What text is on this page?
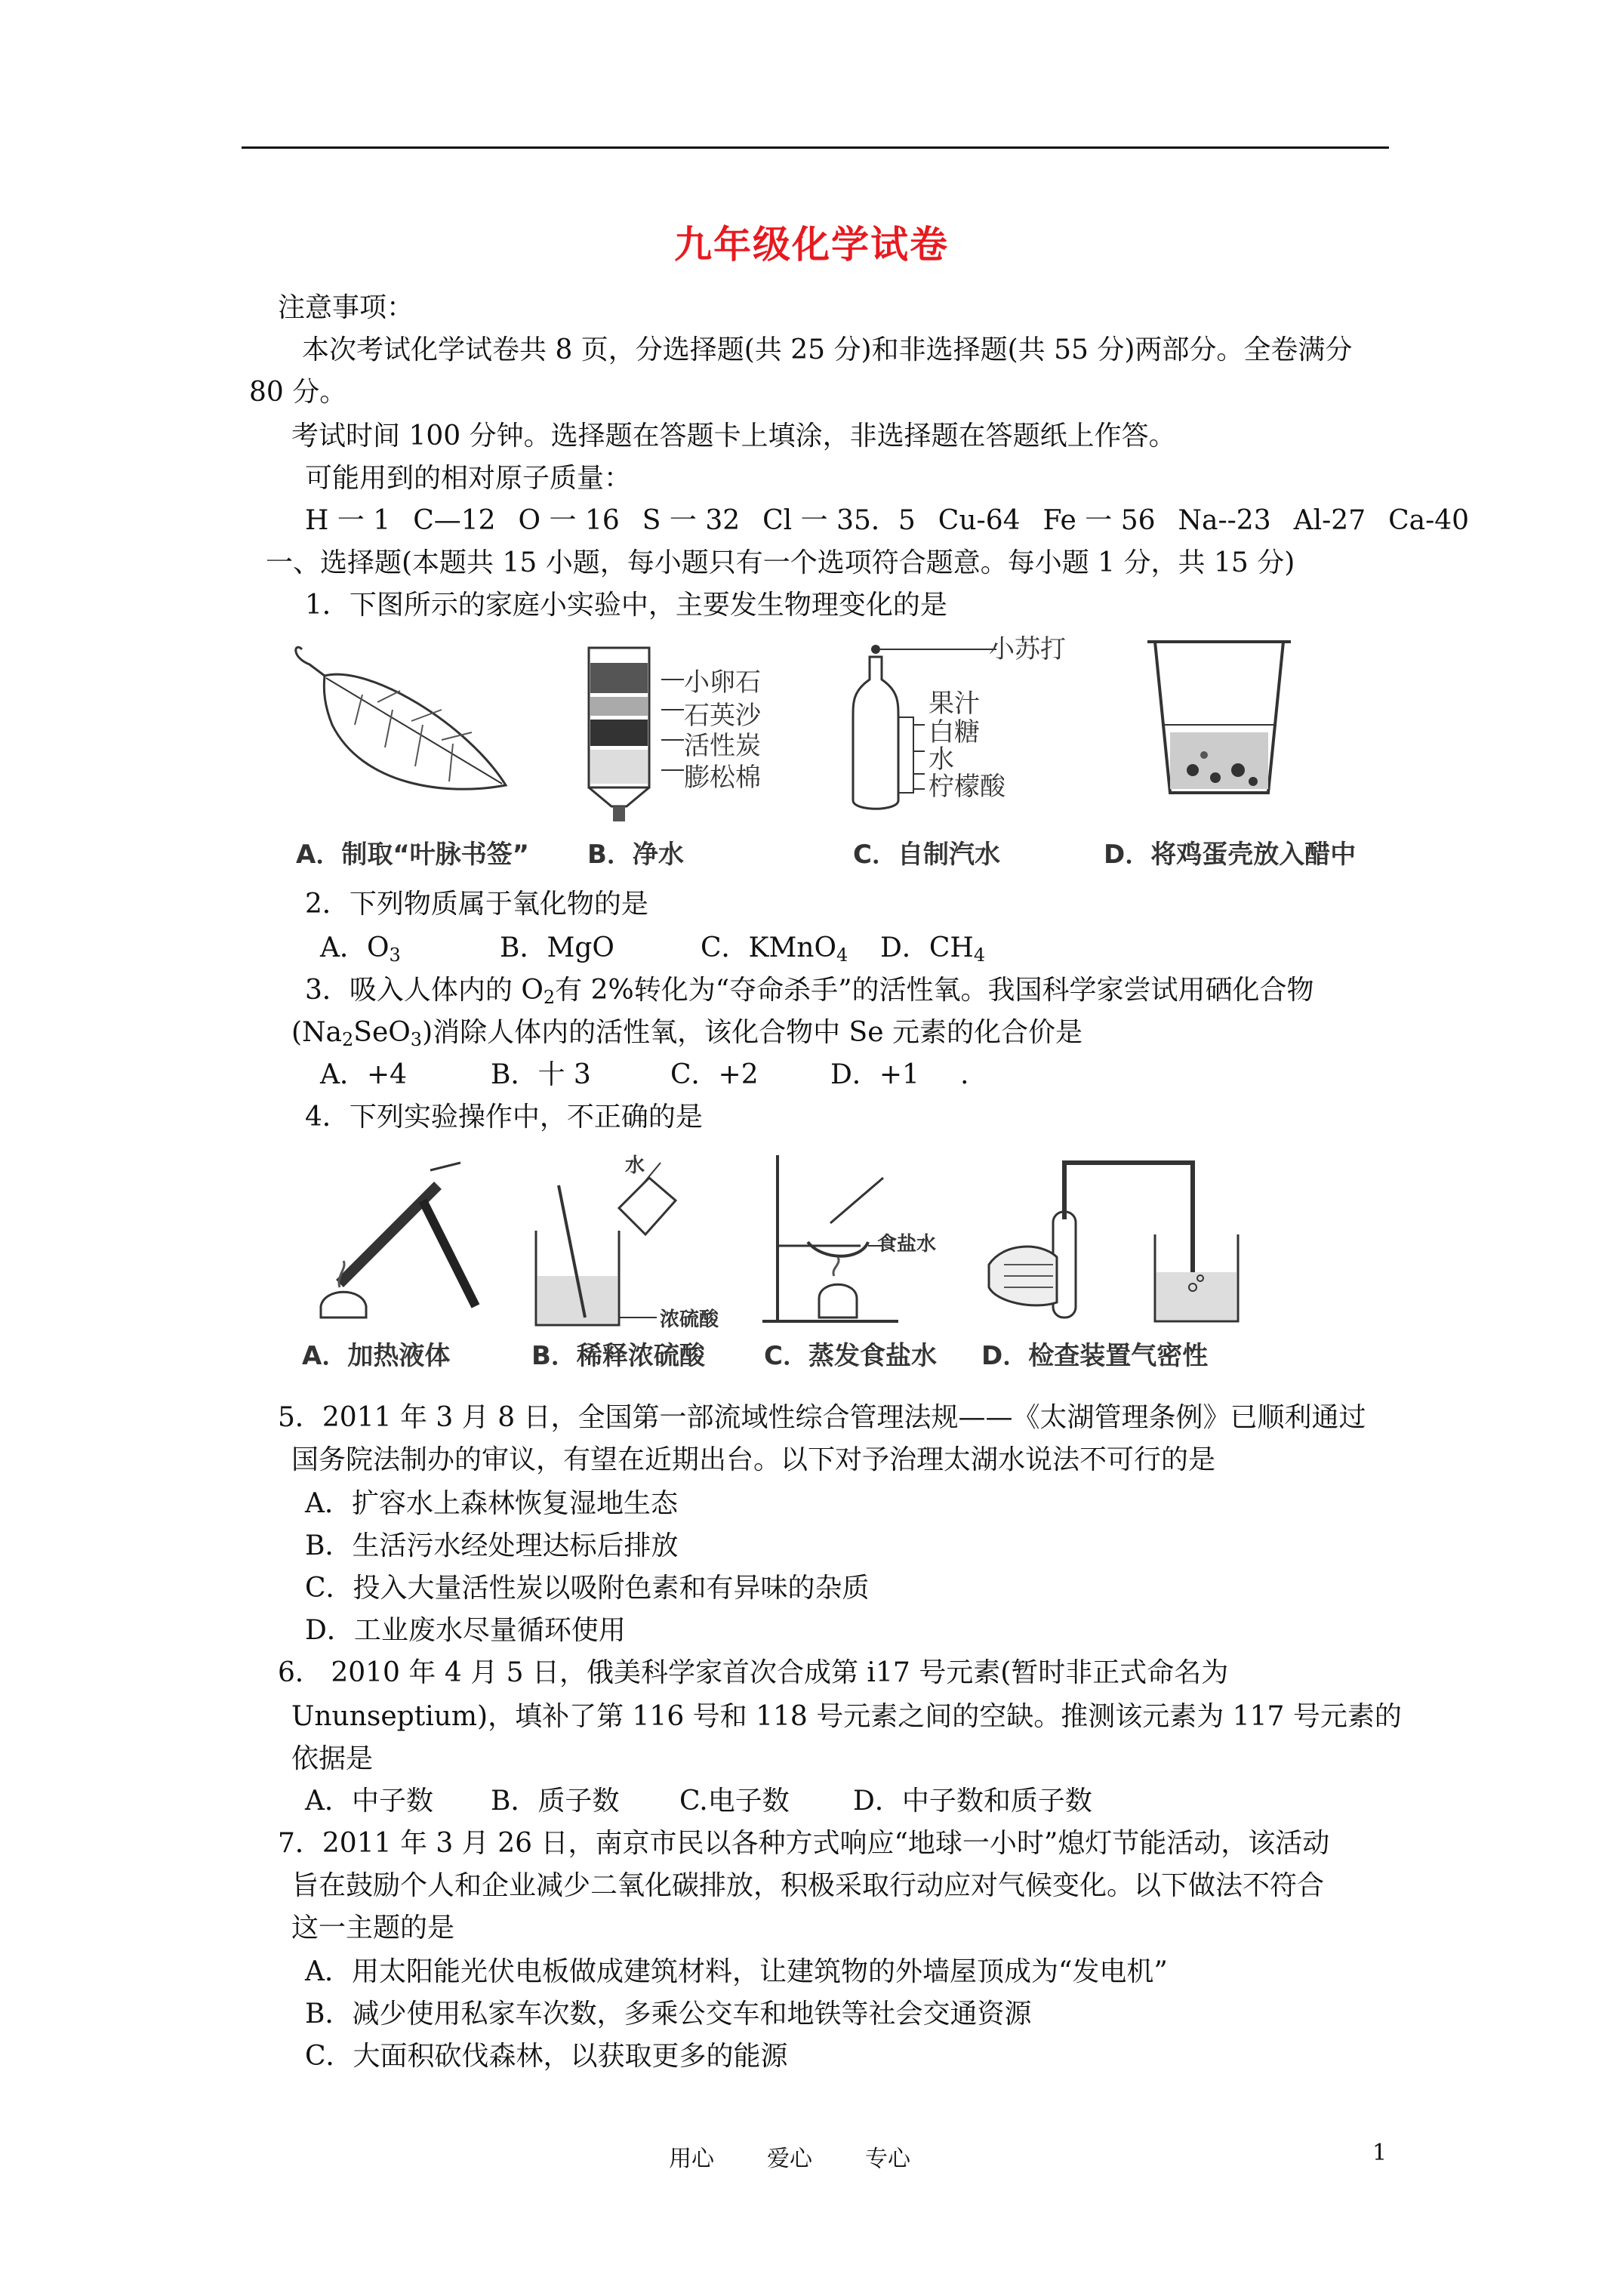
九年级化学试卷
注意事项：
本次考试化学试卷共 8 页，分选择题(共 25 分)和非选择题(共 55 分)两部分。全卷满分
80 分。
考试时间 100 分钟。选择题在答题卡上填涂，非选择题在答题纸上作答。
可能用到的相对原子质量：
H 一 1 C—12 O 一 16 S 一 32 Cl 一 35．5 Cu-64 Fe 一 56 Na--23 Al-27 Ca-40
一、选择题(本题共 15 小题，每小题只有一个选项符合题意。每小题 1 分，共 15 分)
1．下图所示的家庭小实验中，主要发生物理变化的是
小卵石
石英沙
活性炭
膨松棉
小苏打
果汁
白糖
水
柠檬酸
A．制取“叶脉书签” B．净水	C．自制汽水	D．将鸡蛋壳放入醋中
2．下列物质属于氧化物的是
A．$O_3$	B．MgO	C．KMnO$_4$ D．$CH_4$
3．吸入人体内的 $O_2$有 2%转化为“夺命杀手”的活性氧。我国科学家尝试用硒化合物
$(Na_2SeO_3)$消除人体内的活性氧，该化合物中 Se 元素的化合价是
A．+4	B．十 3	C．+2	D．+1 .
4．下列实验操作中，不正确的是
水
浓硫酸
食盐水
A．加热液体	B．稀释浓硫酸 C．蒸发食盐水 D．检查装置气密性
5．2011 年 3 月 8 日，全国第一部流域性综合管理法规——《太湖管理条例》已顺利通过
国务院法制办的审议，有望在近期出台。以下对予治理太湖水说法不可行的是
A．扩容水上森林恢复湿地生态
B．生活污水经处理达标后排放
C．投入大量活性炭以吸附色素和有异味的杂质
D．工业废水尽量循环使用
6． 2010 年 4 月 5 日，俄美科学家首次合成第 i17 号元素(暂时非正式命名为
Ununseptium)，填补了第 116 号和 118 号元素之间的空缺。推测该元素为 117 号元素的
依据是
A．中子数 B．质子数 C.电子数 D．中子数和质子数
7．2011 年 3 月 26 日，南京市民以各种方式响应“地球一小时”熄灯节能活动，该活动
旨在鼓励个人和企业减少二氧化碳排放，积极采取行动应对气候变化。以下做法不符合
这一主题的是
A．用太阳能光伏电板做成建筑材料，让建筑物的外墙屋顶成为“发电机”
B．减少使用私家车次数，多乘公交车和地铁等社会交通资源
C．大面积砍伐森林，以获取更多的能源
用心 爱心 专心	1
